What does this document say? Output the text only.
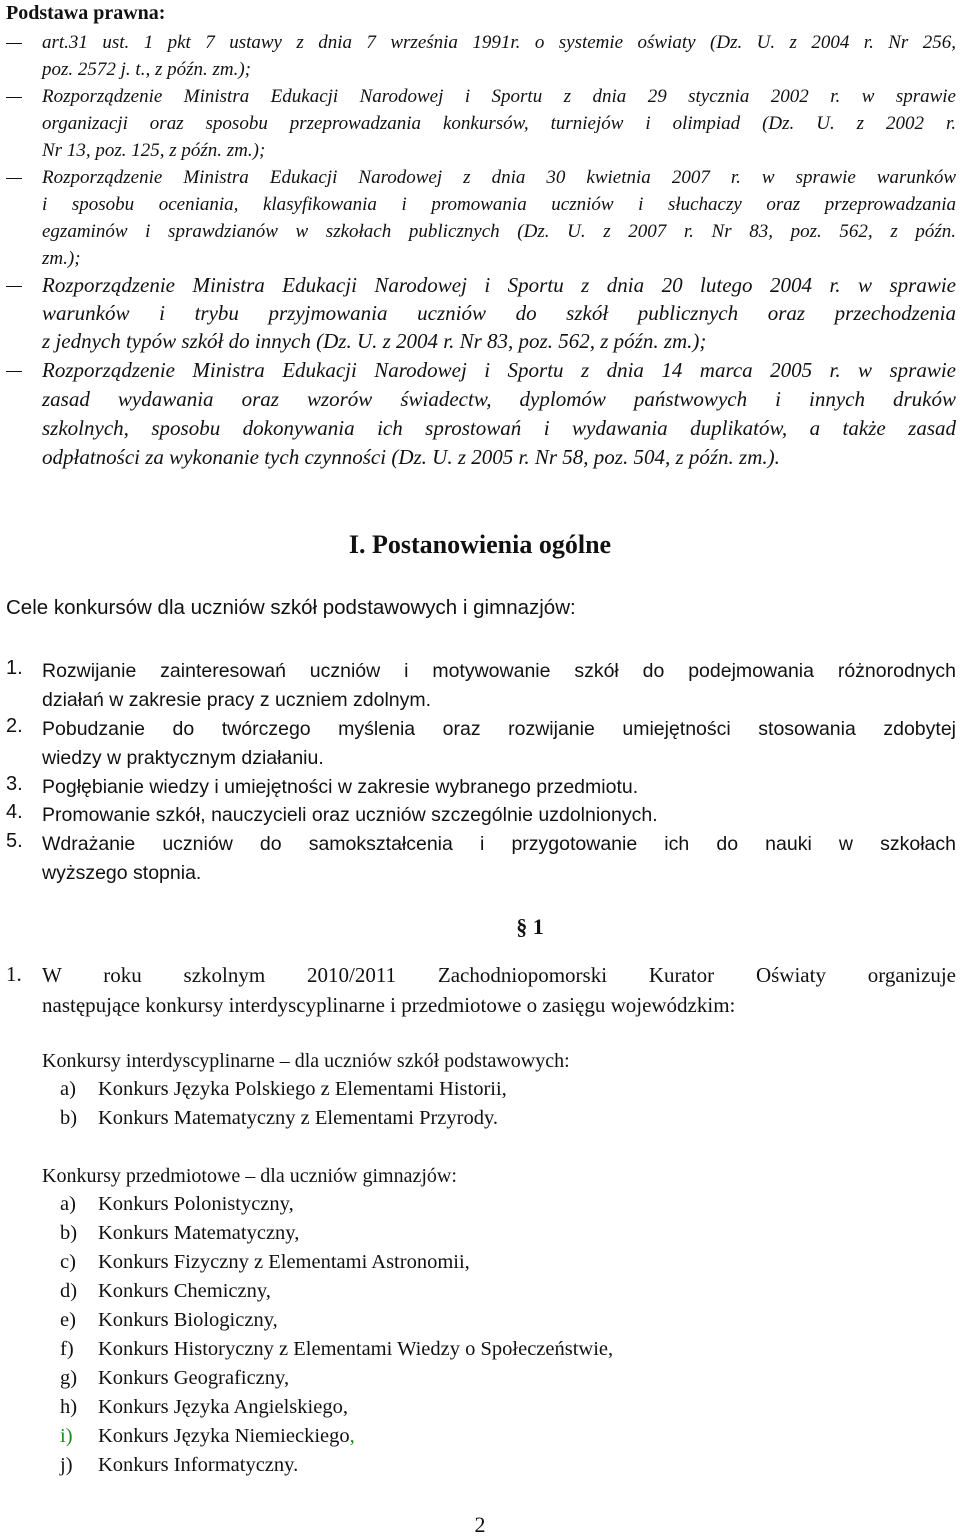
Podstawa prawna:
art.31 ust. 1 pkt 7 ustawy z dnia 7 września 1991r. o systemie oświaty (Dz. U. z 2004 r. Nr 256,
poz. 2572 j. t., z późn. zm.);
Rozporządzenie Ministra Edukacji Narodowej i Sportu z dnia 29 stycznia 2002 r. w sprawie
organizacji oraz sposobu przeprowadzania konkursów, turniejów i olimpiad (Dz. U. z 2002 r.
Nr 13, poz. 125, z późn. zm.);
Rozporządzenie Ministra Edukacji Narodowej z dnia 30 kwietnia 2007 r. w sprawie warunków
i sposobu oceniania, klasyfikowania i promowania uczniów i słuchaczy oraz przeprowadzania
egzaminów i sprawdzianów w szkołach publicznych (Dz. U. z 2007 r. Nr 83, poz. 562, z późn.
zm.);
Rozporządzenie Ministra Edukacji Narodowej i Sportu z dnia 20 lutego 2004 r. w sprawie
warunków i trybu przyjmowania uczniów do szkół publicznych oraz przechodzenia
z jednych typów szkół do innych (Dz. U. z 2004 r. Nr 83, poz. 562, z późn. zm.);
Rozporządzenie Ministra Edukacji Narodowej i Sportu z dnia 14 marca 2005 r. w sprawie
zasad wydawania oraz wzorów świadectw, dyplomów państwowych i innych druków
szkolnych, sposobu dokonywania ich sprostowań i wydawania duplikatów, a także zasad
odpłatności za wykonanie tych czynności (Dz. U. z 2005 r. Nr 58, poz. 504, z późn. zm.).
I. Postanowienia ogólne
Cele konkursów dla uczniów szkół podstawowych i gimnazjów:
1. Rozwijanie zainteresowań uczniów i motywowanie szkół do podejmowania różnorodnych
działań w zakresie pracy z uczniem zdolnym.
2. Pobudzanie do twórczego myślenia oraz rozwijanie umiejętności stosowania zdobytej
wiedzy w praktycznym działaniu.
3. Pogłębianie wiedzy i umiejętności w zakresie wybranego przedmiotu.
4. Promowanie szkół, nauczycieli oraz uczniów szczególnie uzdolnionych.
5. Wdrażanie uczniów do samokształcenia i przygotowanie ich do nauki w szkołach
wyższego stopnia.
§ 1
1. W roku szkolnym 2010/2011 Zachodniopomorski Kurator Oświaty organizuje
następujące konkursy interdyscyplinarne i przedmiotowe o zasięgu wojewódzkim:
Konkursy interdyscyplinarne – dla uczniów szkół podstawowych:
a) Konkurs Języka Polskiego z Elementami Historii,
b) Konkurs Matematyczny z Elementami Przyrody.
Konkursy przedmiotowe – dla uczniów gimnazjów:
a) Konkurs Polonistyczny,
b) Konkurs Matematyczny,
c) Konkurs Fizyczny z Elementami Astronomii,
d) Konkurs Chemiczny,
e) Konkurs Biologiczny,
f) Konkurs Historyczny z Elementami Wiedzy o Społeczeństwie,
g) Konkurs Geograficzny,
h) Konkurs Języka Angielskiego,
i) Konkurs Języka Niemieckiego,
j) Konkurs Informatyczny.
2
